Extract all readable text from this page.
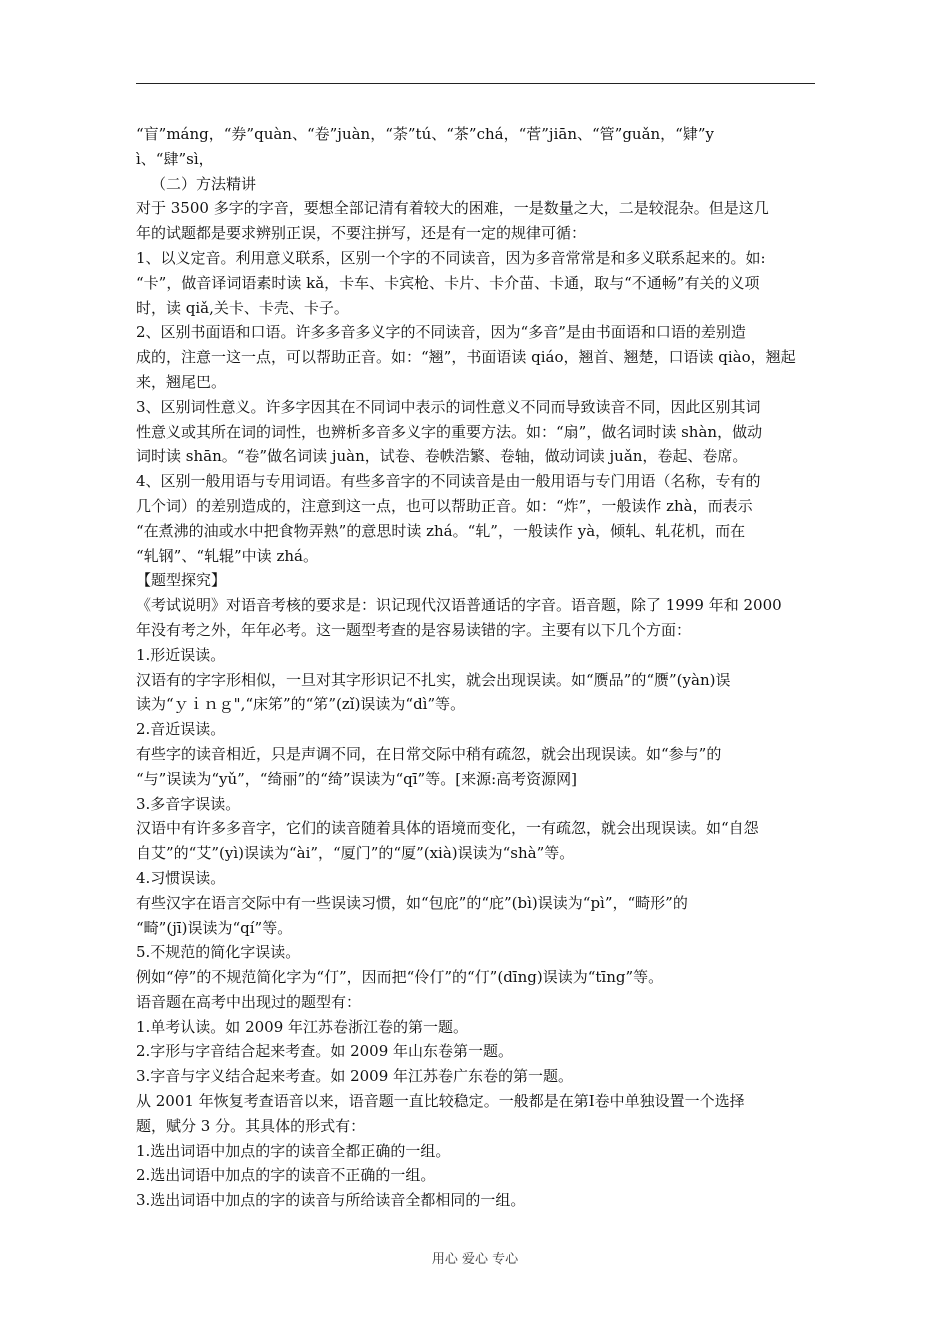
“盲”máng，“券”quàn、“卷”juàn，“荼”tú、“茶”chá，“菅”jiān、“管”guǎn，“肄”y
ì、“肆”sì，
（二）方法精讲
对于 3500 多字的字音，要想全部记清有着较大的困难，一是数量之大，二是较混杂。但是这几
年的试题都是要求辨别正误，不要注拼写，还是有一定的规律可循：
1、以义定音。利用意义联系，区别一个字的不同读音，因为多音常常是和多义联系起来的。如:
“卡”，做音译词语素时读 kǎ，卡车、卡宾枪、卡片、卡介苗、卡通，取与“不通畅”有关的义项
时，读 qiǎ,关卡、卡壳、卡子。
2、区别书面语和口语。许多多音多义字的不同读音，因为“多音”是由书面语和口语的差别造
成的，注意一这一点，可以帮助正音。如：“翘”，书面语读 qiáo，翘首、翘楚，口语读 qiào，翘起
来，翘尾巴。
3、区别词性意义。许多字因其在不同词中表示的词性意义不同而导致读音不同，因此区别其词
性意义或其所在词的词性，也辨析多音多义字的重要方法。如：“扇”，做名词时读 shàn，做动
词时读 shān。“卷”做名词读 juàn，试卷、卷帙浩繁、卷轴，做动词读 juǎn，卷起、卷席。
4、区别一般用语与专用词语。有些多音字的不同读音是由一般用语与专门用语（名称，专有的
几个词）的差别造成的，注意到这一点，也可以帮助正音。如：“炸”，一般读作 zhà，而表示
“在煮沸的油或水中把食物弄熟”的意思时读 zhá。“轧”，一般读作 yà，倾轧、轧花机，而在
“轧钢”、“轧辊”中读 zhá。
【题型探究】
《考试说明》对语音考核的要求是：识记现代汉语普通话的字音。语音题，除了 1999 年和 2000
年没有考之外，年年必考。这一题型考查的是容易读错的字。主要有以下几个方面：
1.形近误读。
汉语有的字字形相似，一旦对其字形识记不扎实，就会出现误读。如“赝品”的“赝”(yàn)误
读为“ｙｉｎｇ",“床笫”的“笫”(zǐ)误读为“dì”等。
2.音近误读。
有些字的读音相近，只是声调不同，在日常交际中稍有疏忽，就会出现误读。如“参与”的
“与”误读为“yǔ”，“绮丽”的“绮”误读为“qī”等。[来源:高考资源网]
3.多音字误读。
汉语中有许多多音字，它们的读音随着具体的语境而变化，一有疏忽，就会出现误读。如“自怨
自艾”的“艾”(yì)误读为“ài”，“厦门”的“厦”(xià)误读为“shà”等。
4.习惯误读。
有些汉字在语言交际中有一些误读习惯，如“包庇”的“庇”(bì)误读为“pì”，“畸形”的
“畸”(jī)误读为“qí”等。
5.不规范的简化字误读。
例如“停”的不规范简化字为“仃”，因而把“伶仃”的“仃”(dīng)误读为“tīng”等。
语音题在高考中出现过的题型有：
1.单考认读。如 2009 年江苏卷浙江卷的第一题。
2.字形与字音结合起来考查。如 2009 年山东卷第一题。
3.字音与字义结合起来考查。如 2009 年江苏卷广东卷的第一题。
从 2001 年恢复考查语音以来，语音题一直比较稳定。一般都是在第Ⅰ卷中单独设置一个选择
题，赋分 3 分。其具体的形式有：
1.选出词语中加点的字的读音全都正确的一组。
2.选出词语中加点的字的读音不正确的一组。
3.选出词语中加点的字的读音与所给读音全都相同的一组。
用心 爱心 专心
